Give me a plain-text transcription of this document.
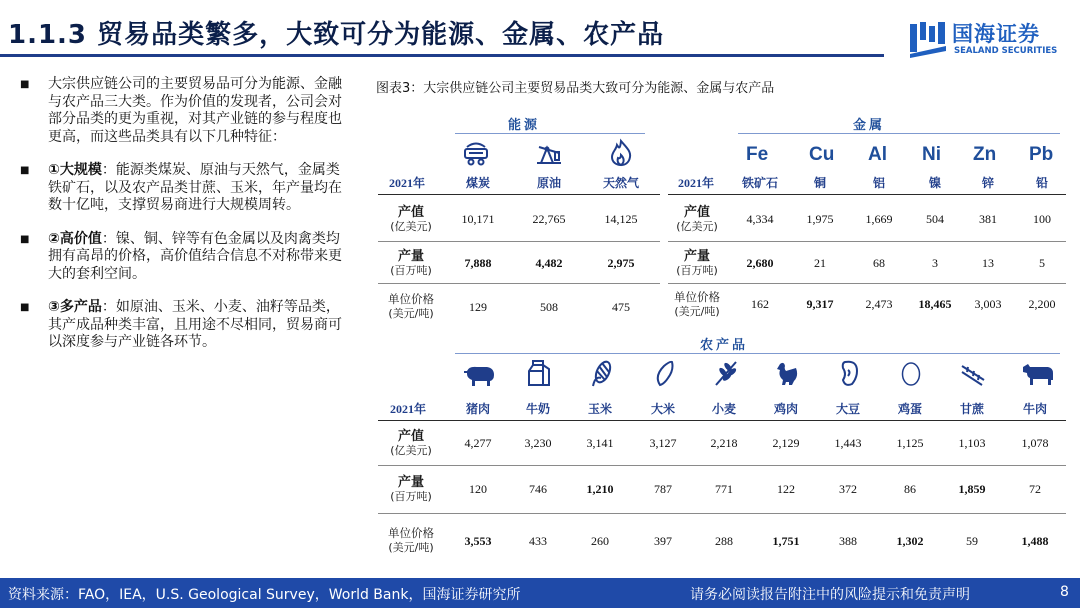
1.1.3 贸易品类繁多，大致可分为能源、金属、农产品	国海证券
SEALAND SECURITIES
■ 大宗供应链公司的主要贸易品可分为能源、金融与农产品三大类。作为价值的发现者，公司会对部分品类的更为重视，对其产业链的参与程度也更高，而这些品类具有以下几种特征：
■ ①大规模：能源类煤炭、原油与天然气，金属类铁矿石，以及农产品类甘蔗、玉米，年产量均在数十亿吨，支撑贸易商进行大规模周转。
■ ②高价值：镍、铜、锌等有色金属以及肉禽类均拥有高昂的价格，高价值结合信息不对称带来更大的套利空间。
■ ③多产品：如原油、玉米、小麦、油籽等品类，其产成品种类丰富，且用途不尽相同，贸易商可以深度参与产业链各环节。
图表3：大宗供应链公司主要贸易品类大致可分为能源、金属与农产品
能源
2021年	煤炭	原油	天然气
产值
(亿美元)
10,171	22,765	14,125
产量
(百万吨)
7,888	4,482	2,975
单位价格
(美元/吨)	129	508	475
金属
Fe Cu Al Ni Zn Pb
2021年 铁矿石	铜	铝	镍	锌	铅
产值
(亿美元)
4,334	1,975	1,669	504	381	100
产量
(百万吨)
2,680	21	68	3	13	5
单位价格
(美元/吨)
162	9,317	2,473 18,465 3,003 2,200
农产品
2021年	猪肉	牛奶	玉米	大米	小麦	鸡肉	大豆	鸡蛋	甘蔗	牛肉
产值
(亿美元)
4,277	3,230	3,141	3,127	2,218	2,129	1,443	1,125	1,103	1,078
产量
(百万吨)
120	746	1,210	787	771	122	372	86	1,859	72
单位价格
(美元/吨)	3,553	433	260	397	288	1,751	388	1,302	59	1,488
资料来源：FAO，IEA，U.S. Geological Survey，World Bank，国海证券研究所	请务必阅读报告附注中的风险提示和免责声明	8
